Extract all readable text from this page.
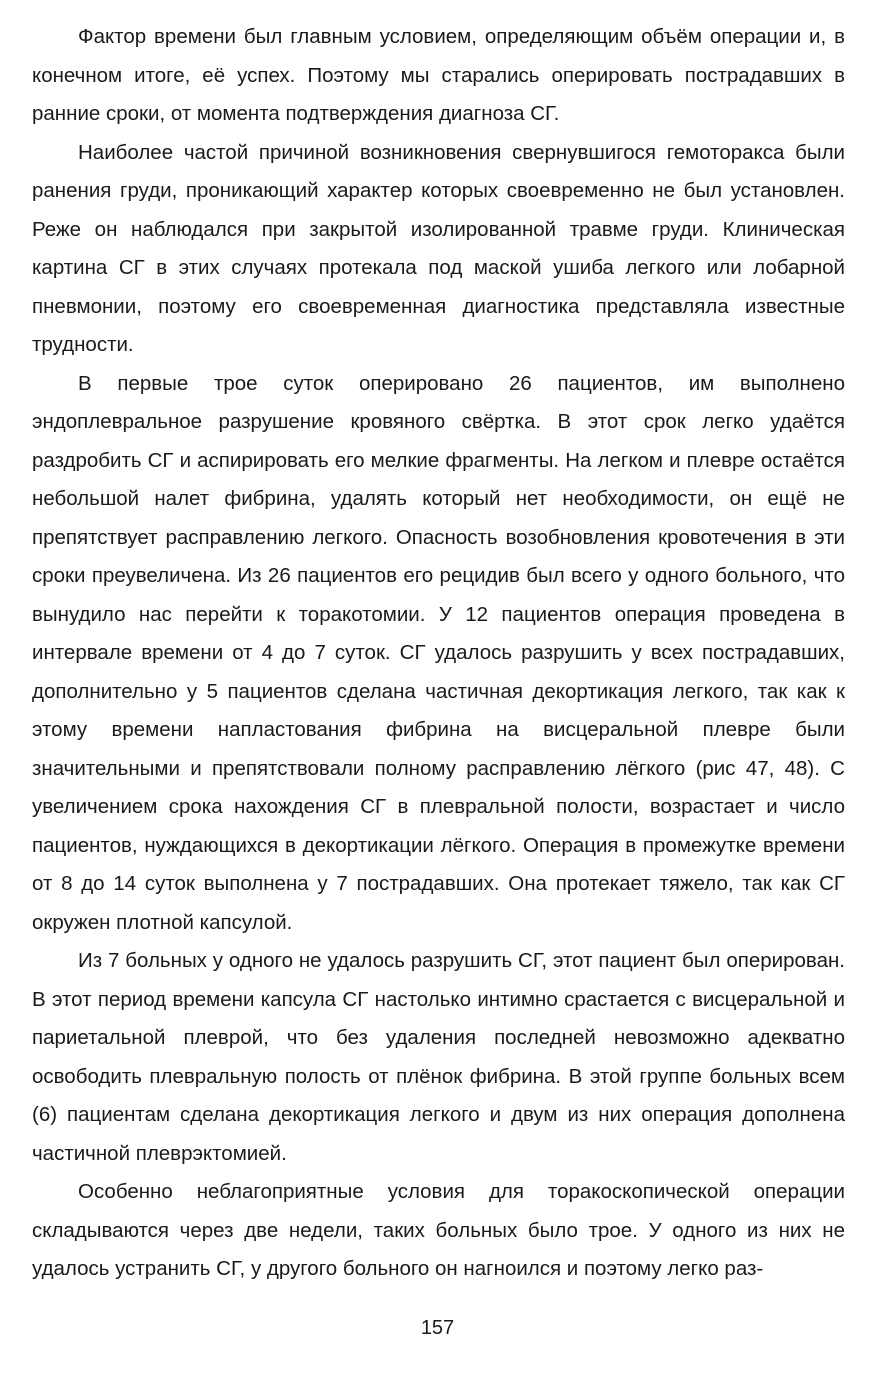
Фактор времени был главным условием, определяющим объём операции и, в конечном итоге, её успех. Поэтому мы старались оперировать пострадавших в ранние сроки, от момента подтверждения диагноза СГ.

Наиболее частой причиной возникновения свернувшигося гемоторакса были ранения груди, проникающий характер которых своевременно не был установлен. Реже он наблюдался при закрытой изолированной травме груди. Клиническая картина СГ в этих случаях протекала под маской ушиба легкого или лобарной пневмонии, поэтому его своевременная диагностика представляла известные трудности.

В первые трое суток оперировано 26 пациентов, им выполнено эндоплевральное разрушение кровяного свёртка. В этот срок легко удаётся раздробить СГ и аспирировать его мелкие фрагменты. На легком и плевре остаётся небольшой налет фибрина, удалять который нет необходимости, он ещё не препятствует расправлению легкого. Опасность возобновления кровотечения в эти сроки преувеличена. Из 26 пациентов его рецидив был всего у одного больного, что вынудило нас перейти к торакотомии. У 12 пациентов операция проведена в интервале времени от 4 до 7 суток. СГ удалось разрушить у всех пострадавших, дополнительно у 5 пациентов сделана частичная декортикация легкого, так как к этому времени напластования фибрина на висцеральной плевре были значительными и препятствовали полному расправлению лёгкого (рис 47, 48). С увеличением срока нахождения СГ в плевральной полости, возрастает и число пациентов, нуждающихся в декортикации лёгкого. Операция в промежутке времени от 8 до 14 суток выполнена у 7 пострадавших. Она протекает тяжело, так как СГ окружен плотной капсулой.

Из 7 больных у одного не удалось разрушить СГ, этот пациент был оперирован. В этот период времени капсула СГ настолько интимно срастается с висцеральной и париетальной плеврой, что без удаления последней невозможно адекватно освободить плевральную полость от плёнок фибрина. В этой группе больных всем (6) пациентам сделана декортикация легкого и двум из них операция дополнена частичной плеврэктомией.

Особенно неблагоприятные условия для торакоскопической операции складываются через две недели, таких больных было трое. У одного из них не удалось устранить СГ, у другого больного он нагноился и поэтому легко раз-

157
